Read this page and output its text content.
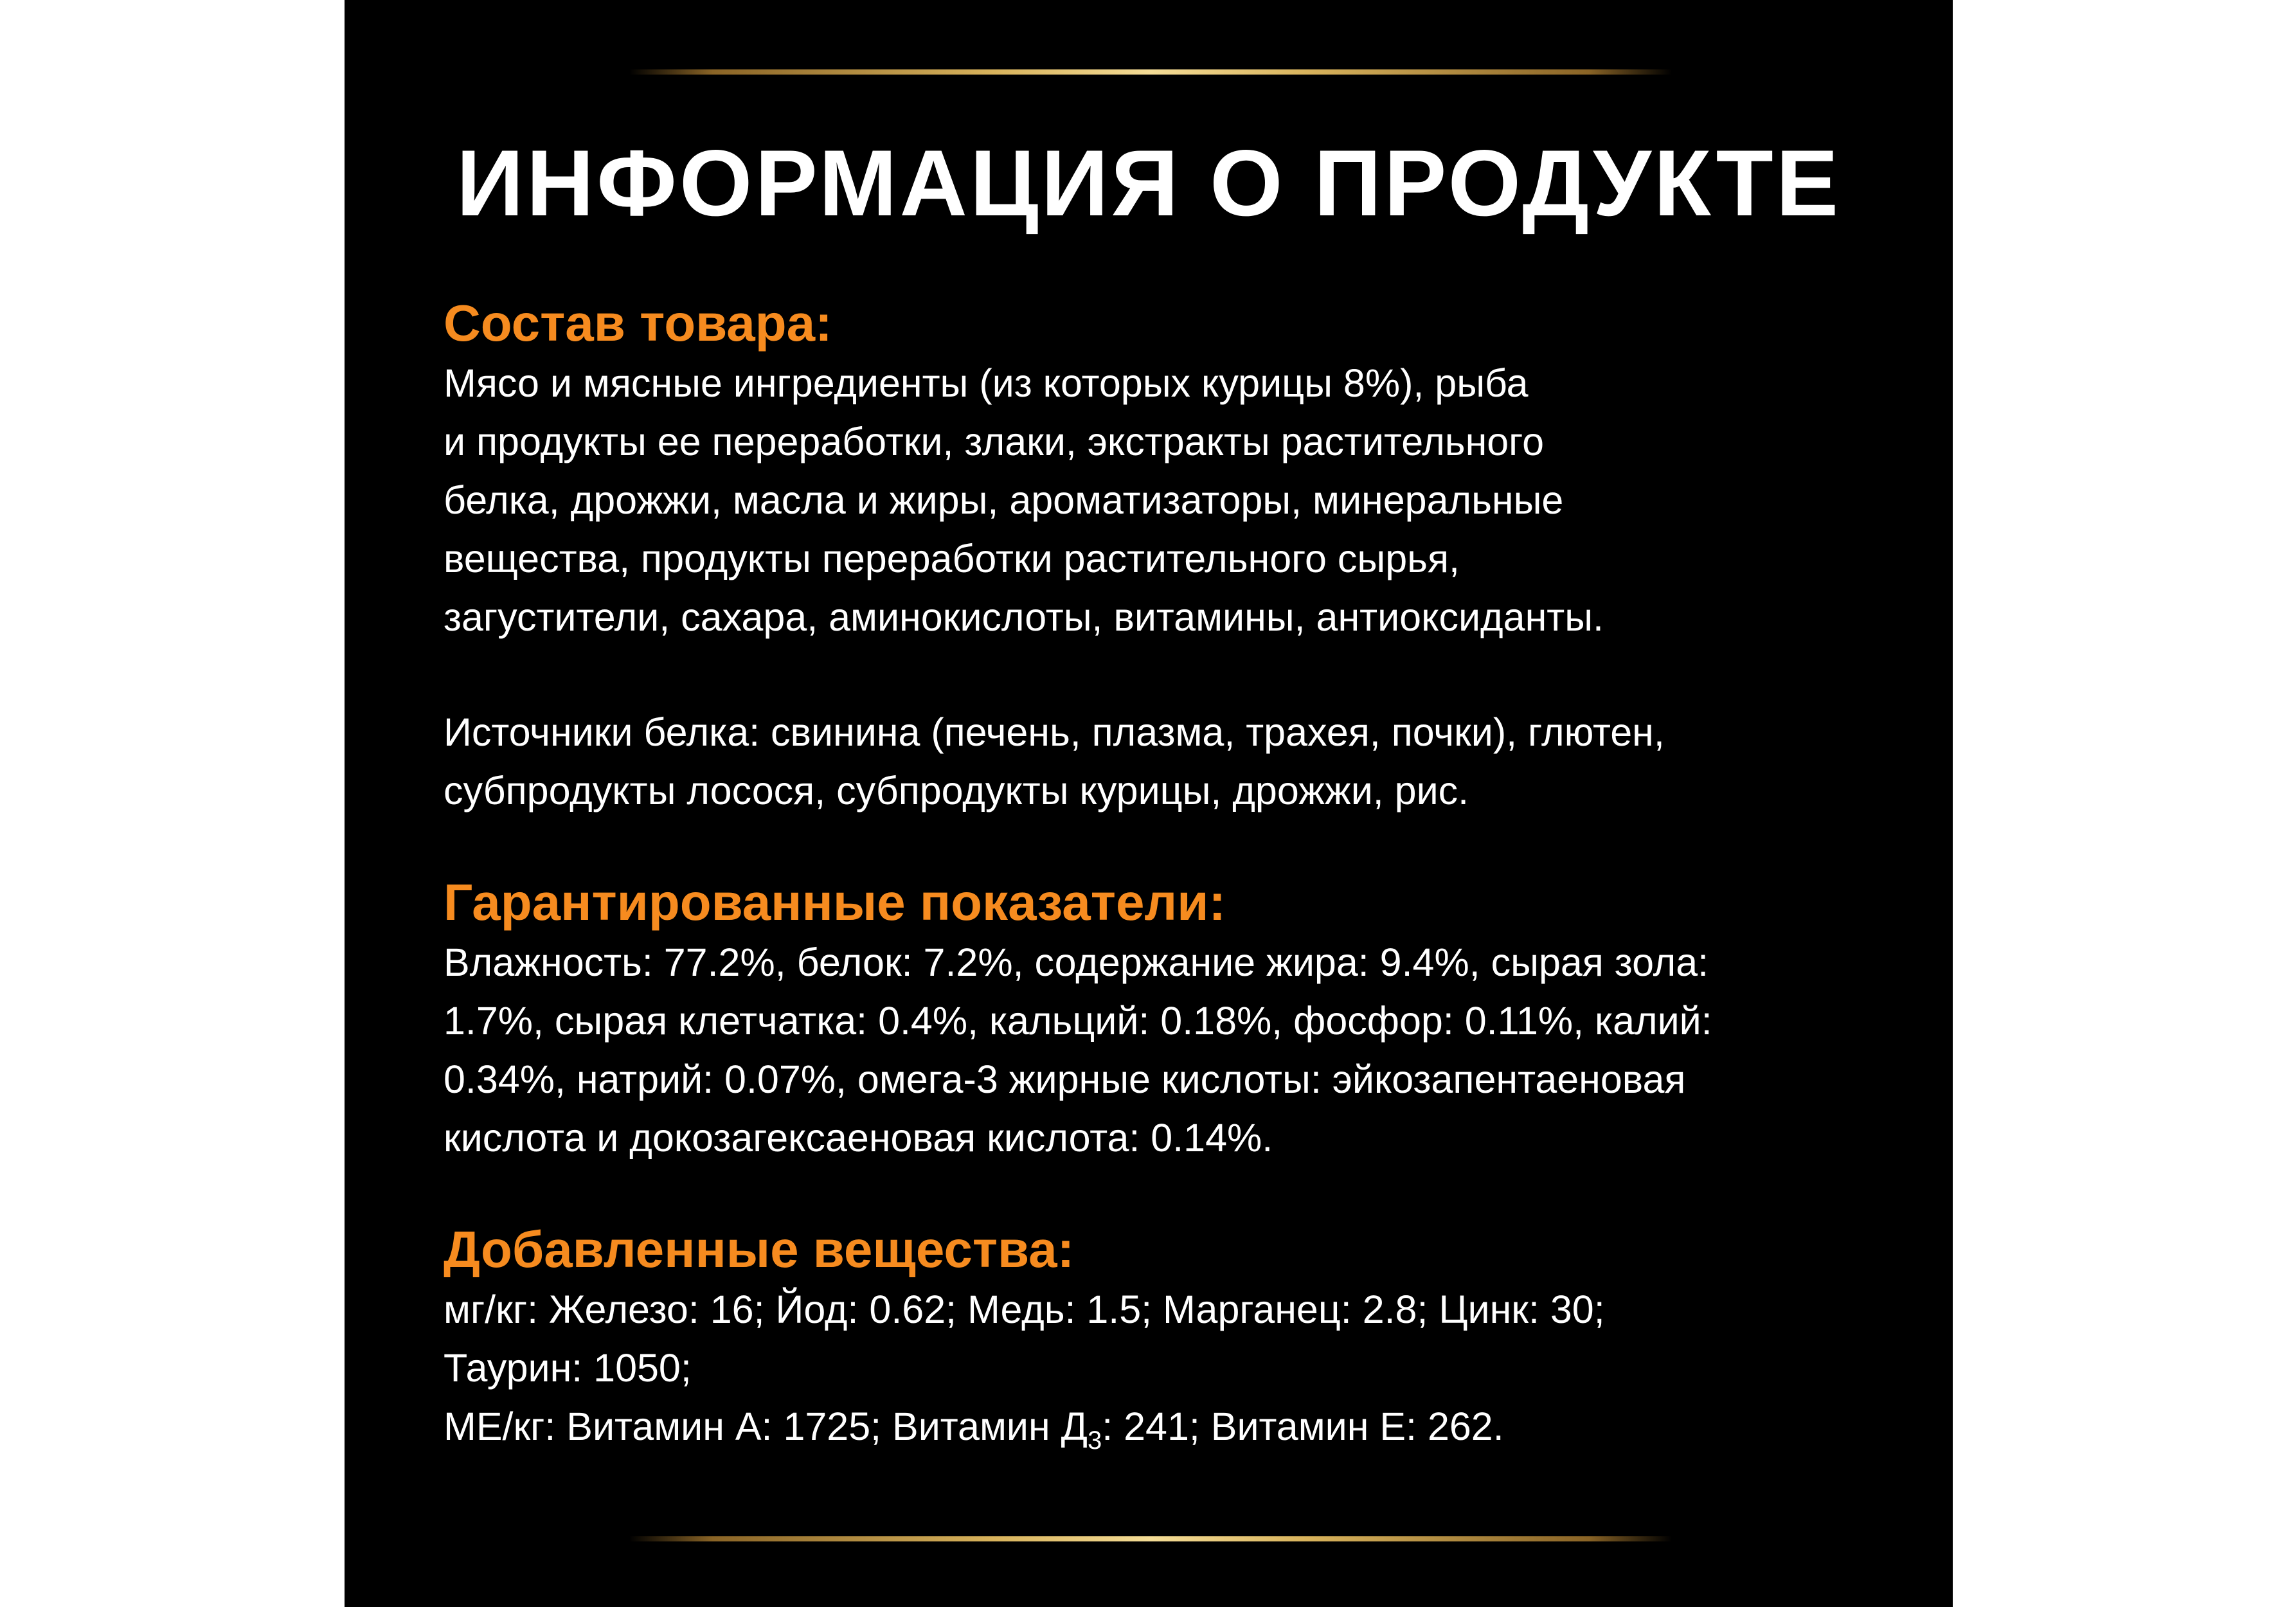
ИНФОРМАЦИЯ О ПРОДУКТЕ

Состав товара:

Мясо и мясные ингредиенты (из которых курицы 8%), рыба

и продукты ее переработки, злаки, экстракты растительного

белка, дрожжи, масла и жиры, ароматизаторы, минеральные

вещества, продукты переработки растительного сырья,

загустители, сахара, аминокислоты, витамины, антиоксиданты.

Источники белка: свинина (печень, плазма, трахея, почки), глютен,

субпродукты лосося, субпродукты курицы, дрожжи, рис.

Гарантированные показатели:

Влажность: 77.2%, белок: 7.2%, содержание жира: 9.4%, сырая зола:

1.7%, сырая клетчатка: 0.4%, кальций: 0.18%, фосфор: 0.11%, калий:

0.34%, натрий: 0.07%, омега-3 жирные кислоты: эйкозапентаеновая

кислота и докозагексаеновая кислота: 0.14%.

Добавленные вещества:

мг/кг: Железо: 16; Йод: 0.62; Медь: 1.5; Марганец: 2.8; Цинк: 30;

Таурин: 1050;

МЕ/кг: Витамин А: 1725; Витамин $Д_3$: 241; Витамин Е: 262.
